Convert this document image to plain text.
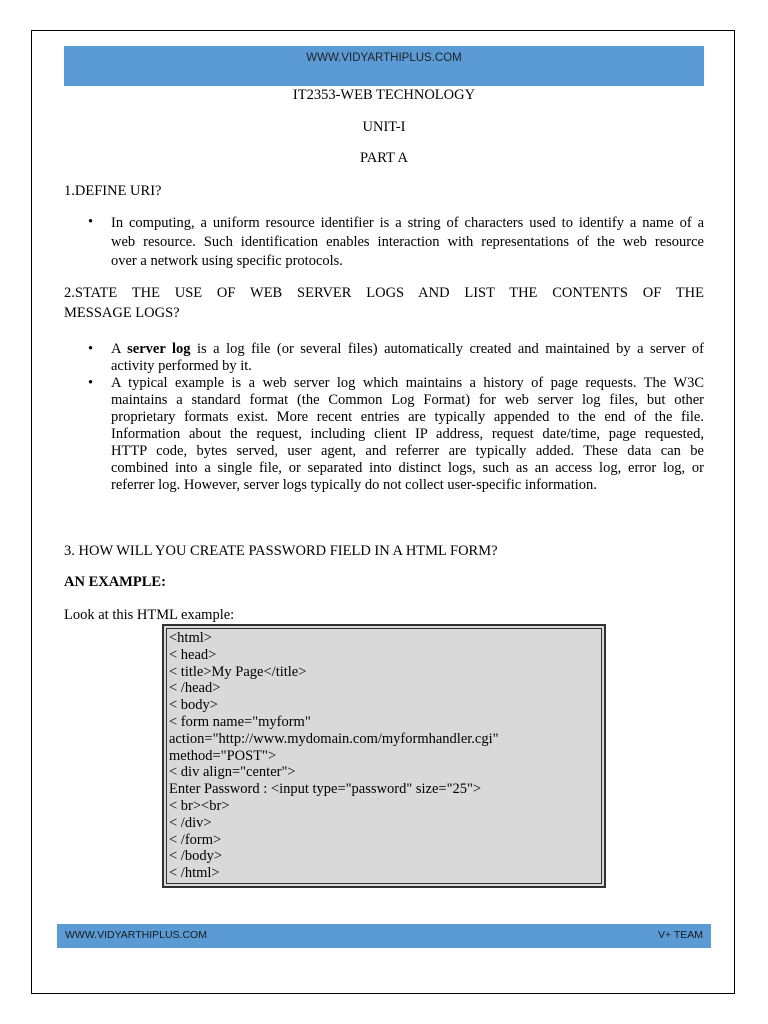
WWW.VIDYARTHIPLUS.COM
IT2353-WEB TECHNOLOGY
UNIT-I
PART A
1.DEFINE URI?
• In computing, a uniform resource identifier is a string of characters used to identify a name of a
web resource. Such identification enables interaction with representations of the web resource
over a network using specific protocols.
2.STATE THE USE OF WEB SERVER LOGS AND LIST THE CONTENTS OF THE
MESSAGE LOGS?
• A server log is a log file (or several files) automatically created and maintained by a server of
activity performed by it.
• A typical example is a web server log which maintains a history of page requests. The W3C
maintains a standard format (the Common Log Format) for web server log files, but other
proprietary formats exist. More recent entries are typically appended to the end of the file.
Information about the request, including client IP address, request date/time, page requested,
HTTP code, bytes served, user agent, and referrer are typically added. These data can be
combined into a single file, or separated into distinct logs, such as an access log, error log, or
referrer log. However, server logs typically do not collect user-specific information.
3. HOW WILL YOU CREATE PASSWORD FIELD IN A HTML FORM?
AN EXAMPLE:
Look at this HTML example:
<html>
< head>
< title>My Page</title>
< /head>
< body>
< form name="myform"
action="http://www.mydomain.com/myformhandler.cgi"
method="POST">
< div align="center">
Enter Password : <input type="password" size="25">
< br><br>
< /div>
< /form>
< /body>
< /html>
WWW.VIDYARTHIPLUS.COM	V+ TEAM
